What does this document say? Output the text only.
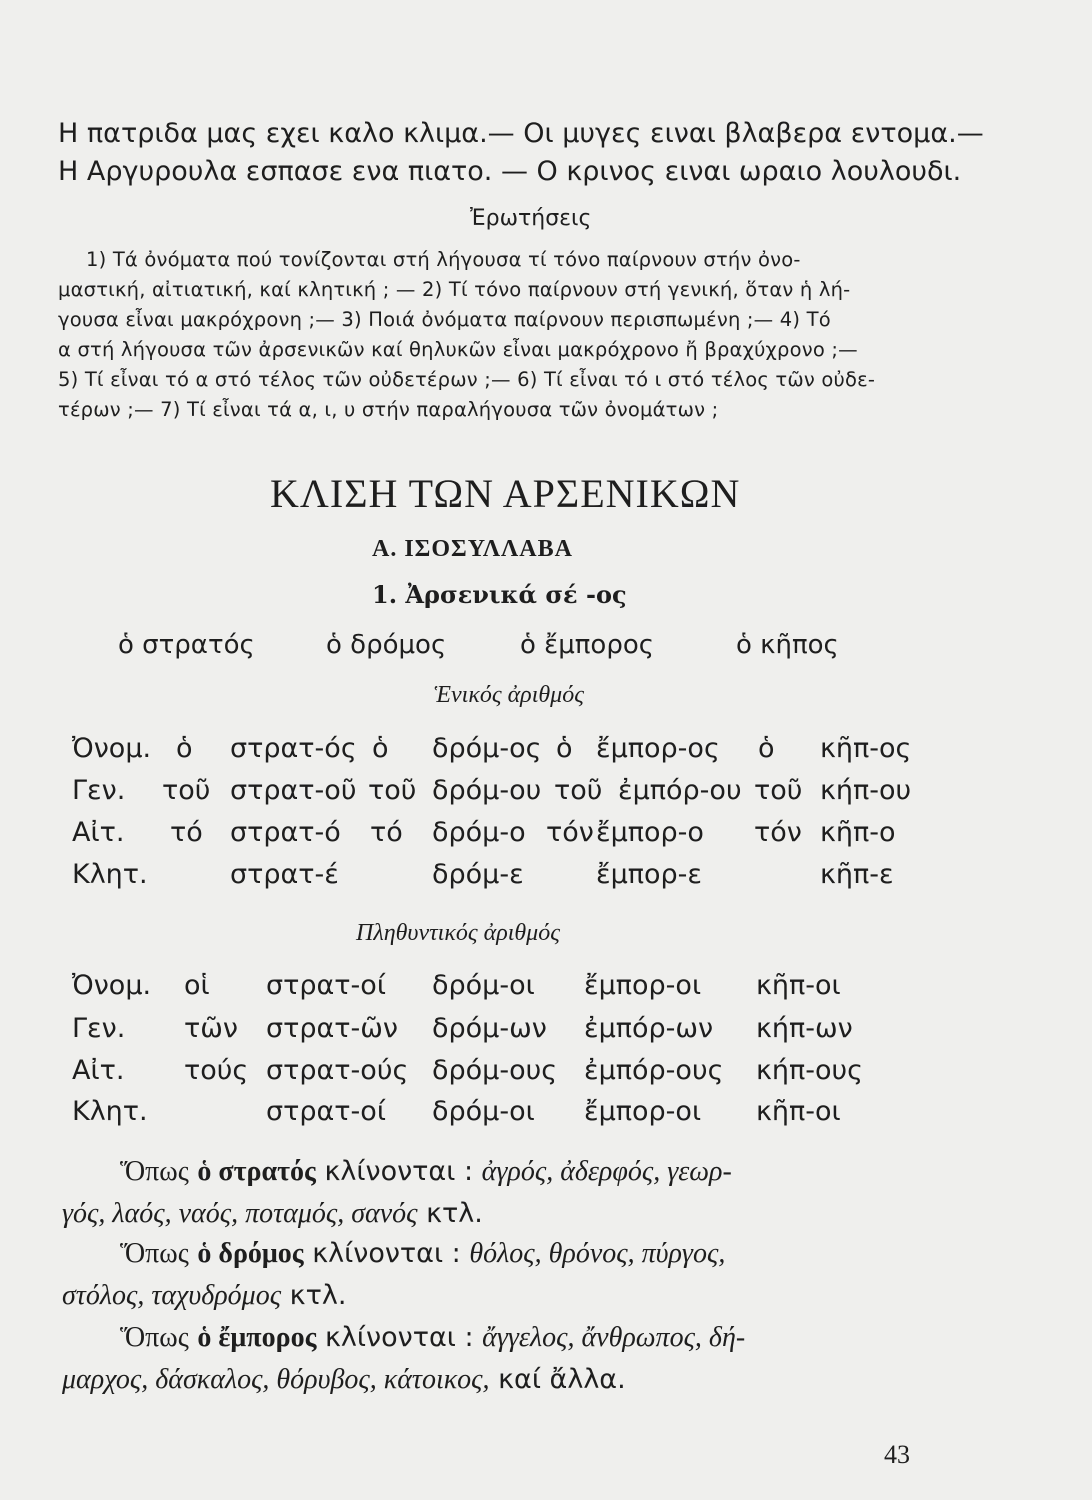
Η πατριδα μας εχει καλο κλιμα.— Οι μυγες ειναι βλαβερα εντομα.—
Η Αργυρουλα εσπασε ενα πιατο. — Ο κρινος ειναι ωραιο λουλουδι.
Ἐρωτήσεις
1) Τά ὀνόματα πού τονίζονται στή λήγουσα τί τόνο παίρνουν στήν ὀνο-
μαστική, αἰτιατική, καί κλητική ; — 2) Τί τόνο παίρνουν στή γενική, ὅταν ἡ λή-
γουσα εἶναι μακρόχρονη ;— 3) Ποιά ὀνόματα παίρνουν περισπωμένη ;— 4) Τό
α στή λήγουσα τῶν ἀρσενικῶν καί θηλυκῶν εἶναι μακρόχρονο ἤ βραχύχρονο ;—
5) Τί εἶναι τό α στό τέλος τῶν οὐδετέρων ;— 6) Τί εἶναι τό ι στό τέλος τῶν οὐδε-
τέρων ;— 7) Τί εἶναι τά α, ι, υ στήν παραλήγουσα τῶν ὀνομάτων ;
ΚΛΙΣΗ ΤΩΝ ΑΡΣΕΝΙΚΩΝ
Α. ΙΣΟΣΥΛΛΑΒΑ
1. Ἀρσενικά σέ -ος
ὁ στρατός	ὁ δρόμος	ὁ ἔμπορος	ὁ κῆπος
Ἑνικός ἀριθμός
Ὀνομ. ὁ στρατ-ός ὁ δρόμ-ος ὁ ἔμπορ-ος ὁ κῆπ-ος
Γεν. τοῦ στρατ-οῦ τοῦ δρόμ-ου τοῦ ἐμπόρ-ου τοῦ κήπ-ου
Αἰτ. τό στρατ-ό τό δρόμ-ο τόν ἔμπορ-ο τόν κῆπ-ο
Κλητ.	στρατ-έ	δρόμ-ε	ἔμπορ-ε	κῆπ-ε
Πληθυντικός ἀριθμός
Ὀνομ. οἱ στρατ-οί δρόμ-οι ἔμπορ-οι κῆπ-οι
Γεν. τῶν στρατ-ῶν δρόμ-ων ἐμπόρ-ων κήπ-ων
Αἰτ. τούς στρατ-ούς δρόμ-ους ἐμπόρ-ους κήπ-ους
Κλητ.	στρατ-οί δρόμ-οι ἔμπορ-οι κῆπ-οι
Ὅπως ὁ στρατός κλίνονται : ἀγρός, ἀδερφός, γεωρ-
γός, λαός, ναός, ποταμός, σανός κτλ.
Ὅπως ὁ δρόμος κλίνονται : θόλος, θρόνος, πύργος,
στόλος, ταχυδρόμος κτλ.
Ὅπως ὁ ἔμπορος κλίνονται : ἄγγελος, ἄνθρωπος, δή-
μαρχος, δάσκαλος, θόρυβος, κάτοικος, καί ἄλλα.
43
